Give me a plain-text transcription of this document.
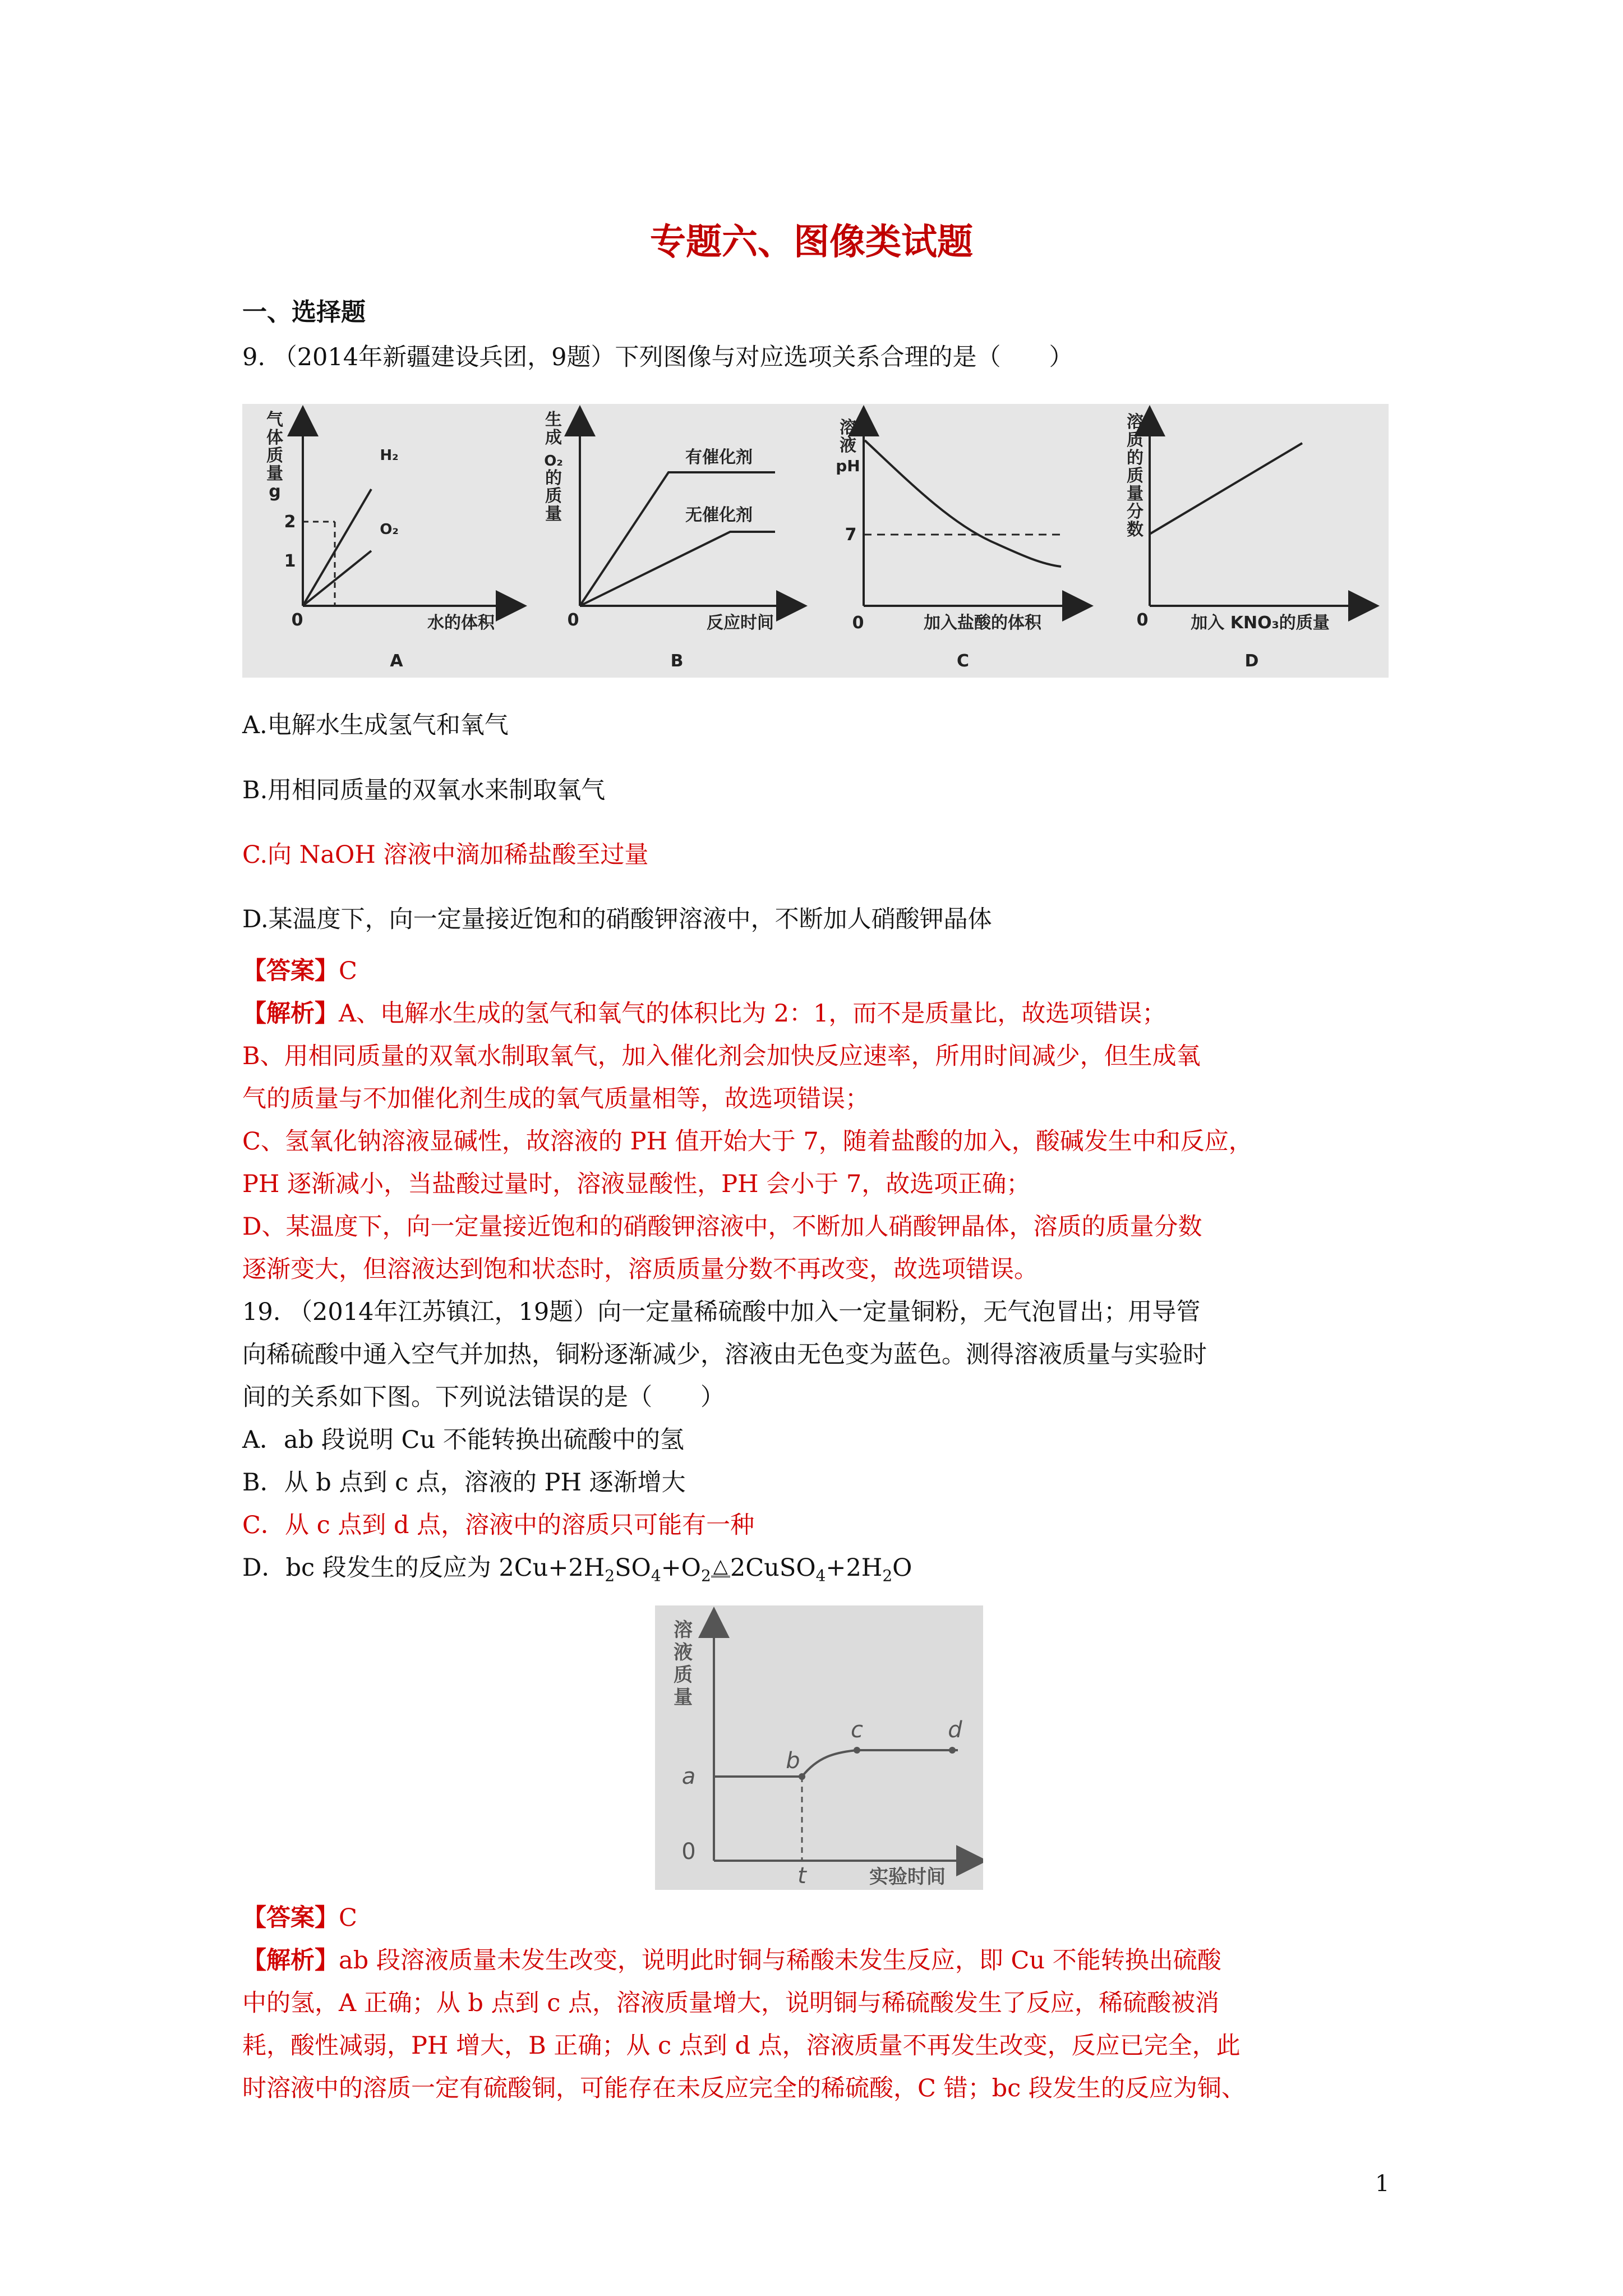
专题六、图像类试题
一、选择题
9. （2014年新疆建设兵团，9题）下列图像与对应选项关系合理的是（　　）
气
体
质
量
g
2
1
0
H₂
O₂
水的体积
A
生
成
O₂
的
质
量
0
有催化剂
无催化剂
反应时间
B
溶
液
pH
7
0	加入盐酸的体积
C
溶
质
的
质
量
分
数
0	加入 KNO₃的质量
D
A.电解水生成氢气和氧气
B.用相同质量的双氧水来制取氧气
C.向 NaOH 溶液中滴加稀盐酸至过量
D.某温度下，向一定量接近饱和的硝酸钾溶液中，不断加人硝酸钾晶体
【答案】C
【解析】A、电解水生成的氢气和氧气的体积比为 2：1，而不是质量比，故选项错误；
B、用相同质量的双氧水制取氧气，加入催化剂会加快反应速率，所用时间减少，但生成氧
气的质量与不加催化剂生成的氧气质量相等，故选项错误；
C、氢氧化钠溶液显碱性，故溶液的 PH 值开始大于 7，随着盐酸的加入，酸碱发生中和反应，
PH 逐渐减小，当盐酸过量时，溶液显酸性，PH 会小于 7，故选项正确；
D、某温度下，向一定量接近饱和的硝酸钾溶液中，不断加人硝酸钾晶体，溶质的质量分数
逐渐变大，但溶液达到饱和状态时，溶质质量分数不再改变，故选项错误。
19. （2014年江苏镇江，19题）向一定量稀硫酸中加入一定量铜粉，无气泡冒出；用导管
向稀硫酸中通入空气并加热，铜粉逐渐减少，溶液由无色变为蓝色。测得溶液质量与实验时
间的关系如下图。下列说法错误的是（　　）
A．ab 段说明 Cu 不能转换出硫酸中的氢
B．从 b 点到 c 点，溶液的 PH 逐渐增大
C．从 c 点到 d 点，溶液中的溶质只可能有一种
D．bc 段发生的反应为 $2Cu+2H_2SO_4+O_2$ $\triangle 2CuSO_4+2H_2O$
溶
液
质
量
实验时间
a
b
c	d
0
t
【答案】C
【解析】ab 段溶液质量未发生改变，说明此时铜与稀酸未发生反应，即 Cu 不能转换出硫酸
中的氢，A 正确；从 b 点到 c 点，溶液质量增大，说明铜与稀硫酸发生了反应，稀硫酸被消
耗，酸性减弱，PH 增大，B 正确；从 c 点到 d 点，溶液质量不再发生改变，反应已完全，此
时溶液中的溶质一定有硫酸铜，可能存在未反应完全的稀硫酸，C 错；bc 段发生的反应为铜、
1
